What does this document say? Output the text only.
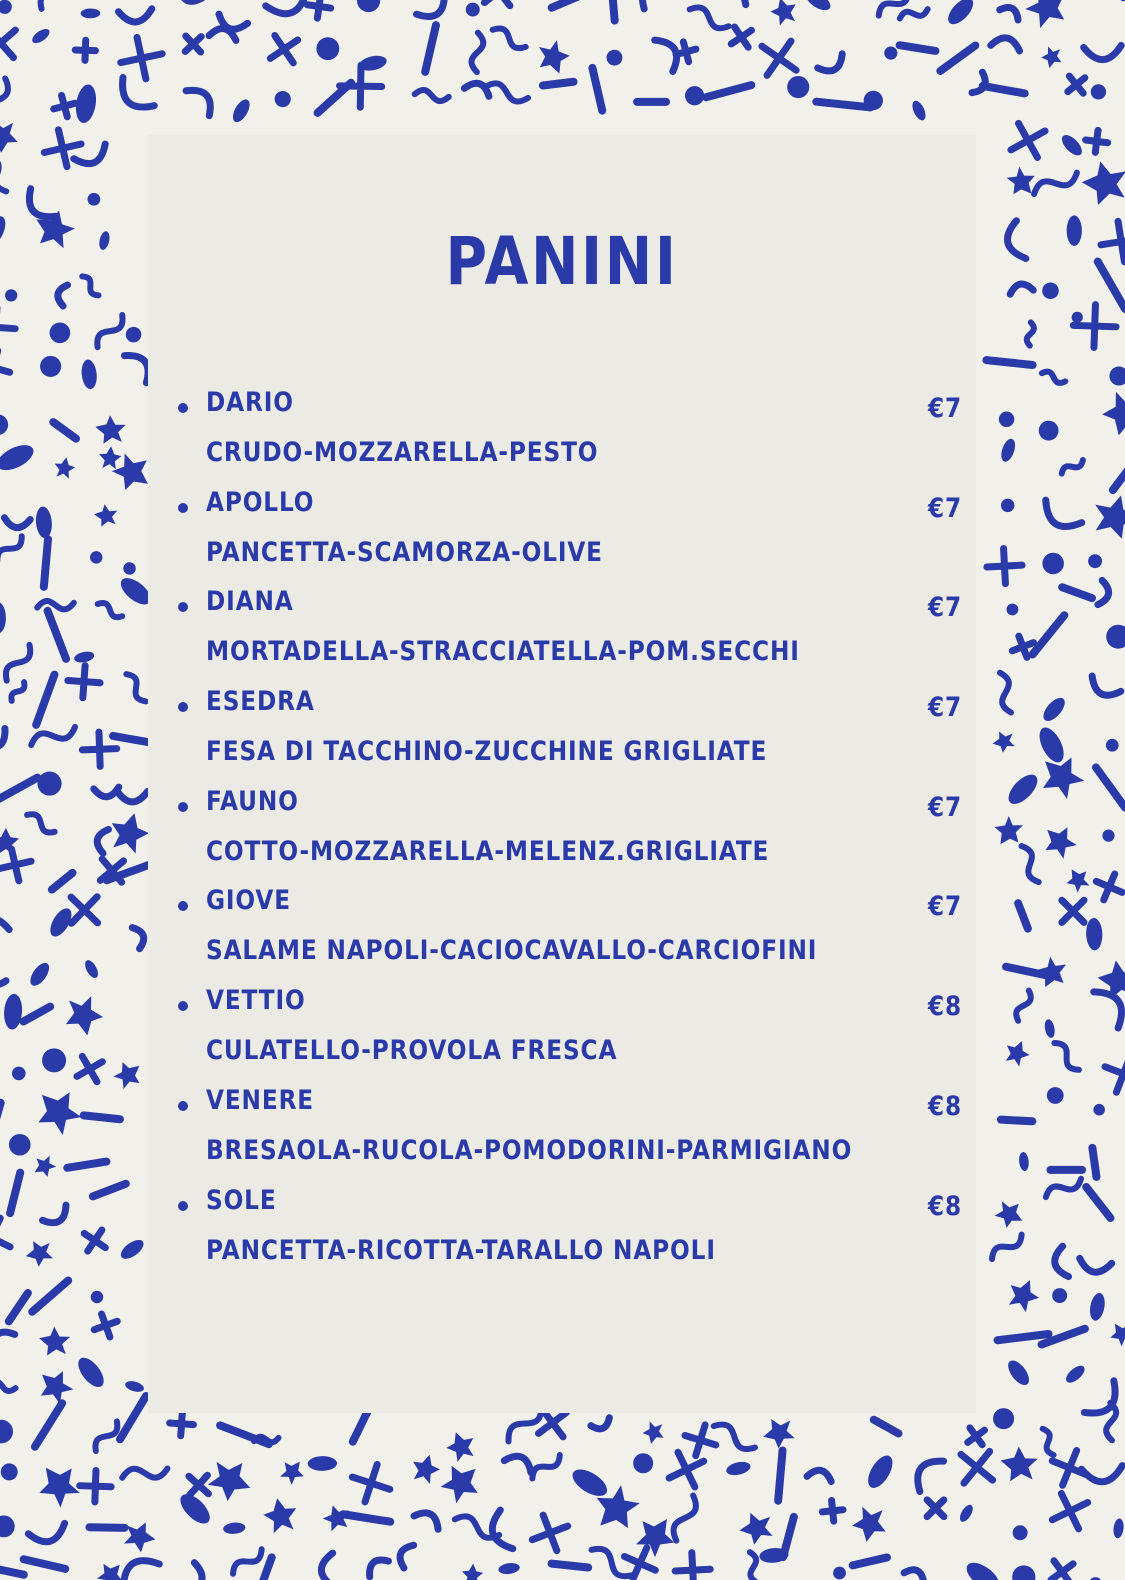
PANINI
DARIO
CRUDO-MOZZARELLA-PESTO
€7
APOLLO
PANCETTA-SCAMORZA-OLIVE
€7
DIANA
MORTADELLA-STRACCIATELLA-POM.SECCHI
€7
ESEDRA
FESA DI TACCHINO-ZUCCHINE GRIGLIATE
€7
FAUNO
COTTO-MOZZARELLA-MELENZ.GRIGLIATE
€7
GIOVE
SALAME NAPOLI-CACIOCAVALLO-CARCIOFINI
€7
VETTIO
CULATELLO-PROVOLA FRESCA
€8
VENERE
BRESAOLA-RUCOLA-POMODORINI-PARMIGIANO
€8
SOLE
PANCETTA-RICOTTA-TARALLO NAPOLI
€8
